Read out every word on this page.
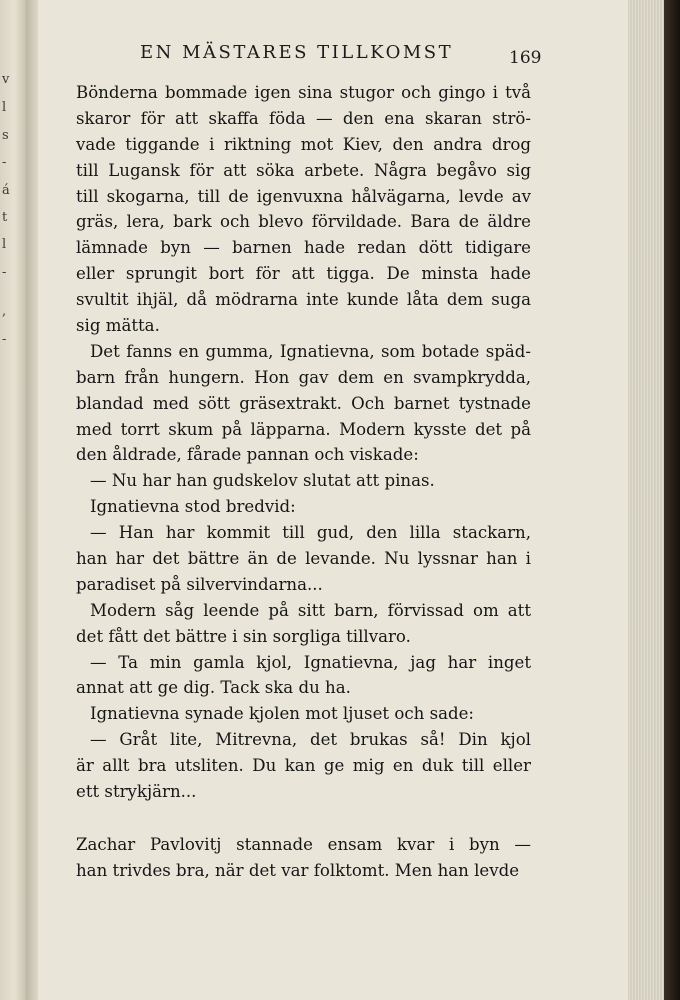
v
l
s
-
á
t
l
-
,
-
EN MÄSTARES TILLKOMST	169
Bönderna bommade igen sina stugor och gingo i två
skaror för att skaffa föda — den ena skaran strö-
vade tiggande i riktning mot Kiev, den andra drog
till Lugansk för att söka arbete. Några begåvo sig
till skogarna, till de igenvuxna hålvägarna, levde av
gräs, lera, bark och blevo förvildade. Bara de äldre
lämnade byn — barnen hade redan dött tidigare
eller sprungit bort för att tigga. De minsta hade
svultit ihjäl, då mödrarna inte kunde låta dem suga
sig mätta.
Det fanns en gumma, Ignatievna, som botade späd-
barn från hungern. Hon gav dem en svampkrydda,
blandad med sött gräsextrakt. Och barnet tystnade
med torrt skum på läpparna. Modern kysste det på
den åldrade, fårade pannan och viskade:
— Nu har han gudskelov slutat att pinas.
Ignatievna stod bredvid:
— Han har kommit till gud, den lilla stackarn,
han har det bättre än de levande. Nu lyssnar han i
paradiset på silvervindarna...
Modern såg leende på sitt barn, förvissad om att
det fått det bättre i sin sorgliga tillvaro.
— Ta min gamla kjol, Ignatievna, jag har inget
annat att ge dig. Tack ska du ha.
Ignatievna synade kjolen mot ljuset och sade:
— Gråt lite, Mitrevna, det brukas så! Din kjol
är allt bra utsliten. Du kan ge mig en duk till eller
ett strykjärn...
Zachar Pavlovitj stannade ensam kvar i byn —
han trivdes bra, när det var folktomt. Men han levde
